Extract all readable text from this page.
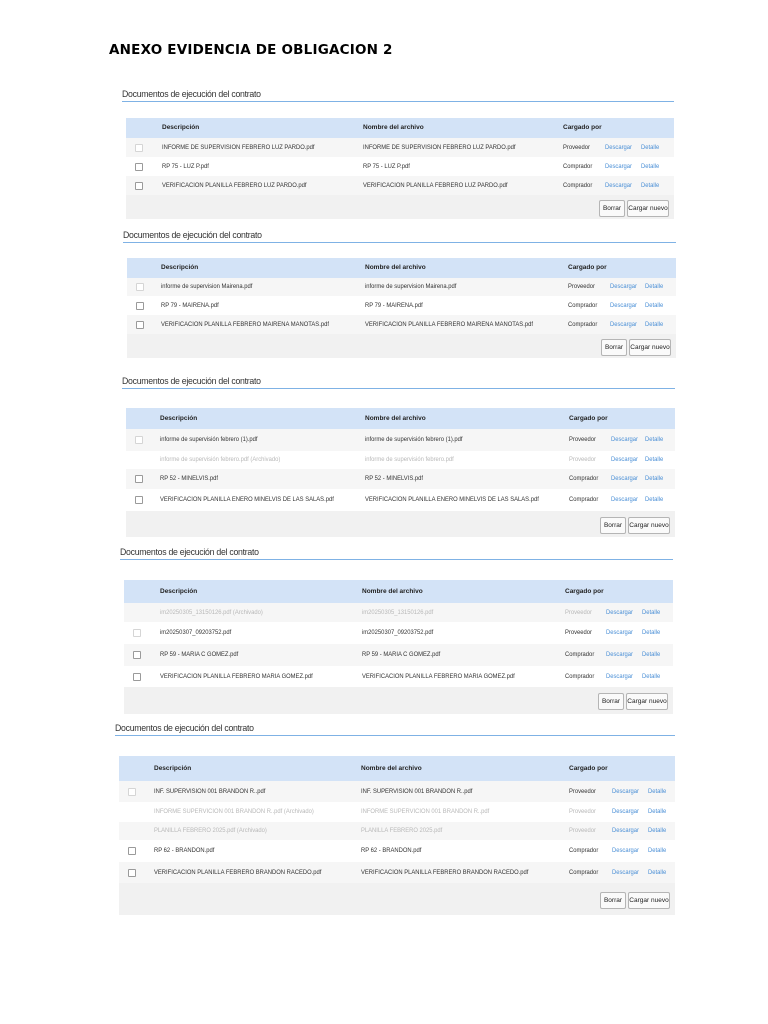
ANEXO EVIDENCIA DE OBLIGACION 2
Documentos de ejecución del contrato
Descripción	Nombre del archivo	Cargado por
INFORME DE SUPERVISION FEBRERO LUZ PARDO.pdf	INFORME DE SUPERVISION FEBRERO LUZ PARDO.pdf	Proveedor Descargar Detalle
RP 75 - LUZ P.pdf	RP 75 - LUZ P.pdf	Comprador Descargar Detalle
VERIFICACION PLANILLA FEBRERO LUZ PARDO.pdf	VERIFICACION PLANILLA FEBRERO LUZ PARDO.pdf	Comprador Descargar Detalle
Borrar	Cargar nuevo
Documentos de ejecución del contrato
Descripción	Nombre del archivo	Cargado por
informe de supervision Mairena.pdf	informe de supervision Mairena.pdf	Proveedor Descargar Detalle
RP 79 - MAIRENA.pdf	RP 79 - MAIRENA.pdf	Comprador Descargar Detalle
VERIFICACION PLANILLA FEBRERO MAIRENA MANOTAS.pdf	VERIFICACION PLANILLA FEBRERO MAIRENA MANOTAS.pdf	Comprador Descargar Detalle
Borrar	Cargar nuevo
Documentos de ejecución del contrato
Descripción	Nombre del archivo	Cargado por
informe de supervisión febrero (1).pdf	informe de supervisión febrero (1).pdf	Proveedor Descargar Detalle
informe de supervisión febrero.pdf (Archivado)	informe de supervisión febrero.pdf	Proveedor Descargar Detalle
RP 52 - MINELVIS.pdf	RP 52 - MINELVIS.pdf	Comprador Descargar Detalle
VERIFICACION PLANILLA ENERO MINELVIS DE LAS SALAS.pdf	VERIFICACION PLANILLA ENERO MINELVIS DE LAS SALAS.pdf	Comprador Descargar Detalle
Borrar	Cargar nuevo
Documentos de ejecución del contrato
Descripción	Nombre del archivo	Cargado por
im20250305_13150126.pdf (Archivado)	im20250305_13150126.pdf	Proveedor Descargar Detalle
im20250307_09203752.pdf	im20250307_09203752.pdf	Proveedor Descargar Detalle
RP 59 - MARIA C GOMEZ.pdf	RP 59 - MARIA C GOMEZ.pdf	Comprador Descargar Detalle
VERIFICACION PLANILLA FEBRERO MARIA GOMEZ.pdf	VERIFICACION PLANILLA FEBRERO MARIA GOMEZ.pdf	Comprador Descargar Detalle
Borrar	Cargar nuevo
Documentos de ejecución del contrato
Descripción	Nombre del archivo	Cargado por
INF. SUPERVISION 001 BRANDON R..pdf	INF. SUPERVISION 001 BRANDON R..pdf	Proveedor Descargar Detalle
INFORME SUPERVICION 001 BRANDON R..pdf (Archivado)	INFORME SUPERVICION 001 BRANDON R..pdf	Proveedor Descargar Detalle
PLANILLA FEBRERO 2025.pdf (Archivado)	PLANILLA FEBRERO 2025.pdf	Proveedor Descargar Detalle
RP 62 - BRANDON.pdf	RP 62 - BRANDON.pdf	Comprador Descargar Detalle
VERIFICACION PLANILLA FEBRERO BRANDON RACEDO.pdf	VERIFICACION PLANILLA FEBRERO BRANDON RACEDO.pdf	Comprador Descargar Detalle
Borrar	Cargar nuevo
